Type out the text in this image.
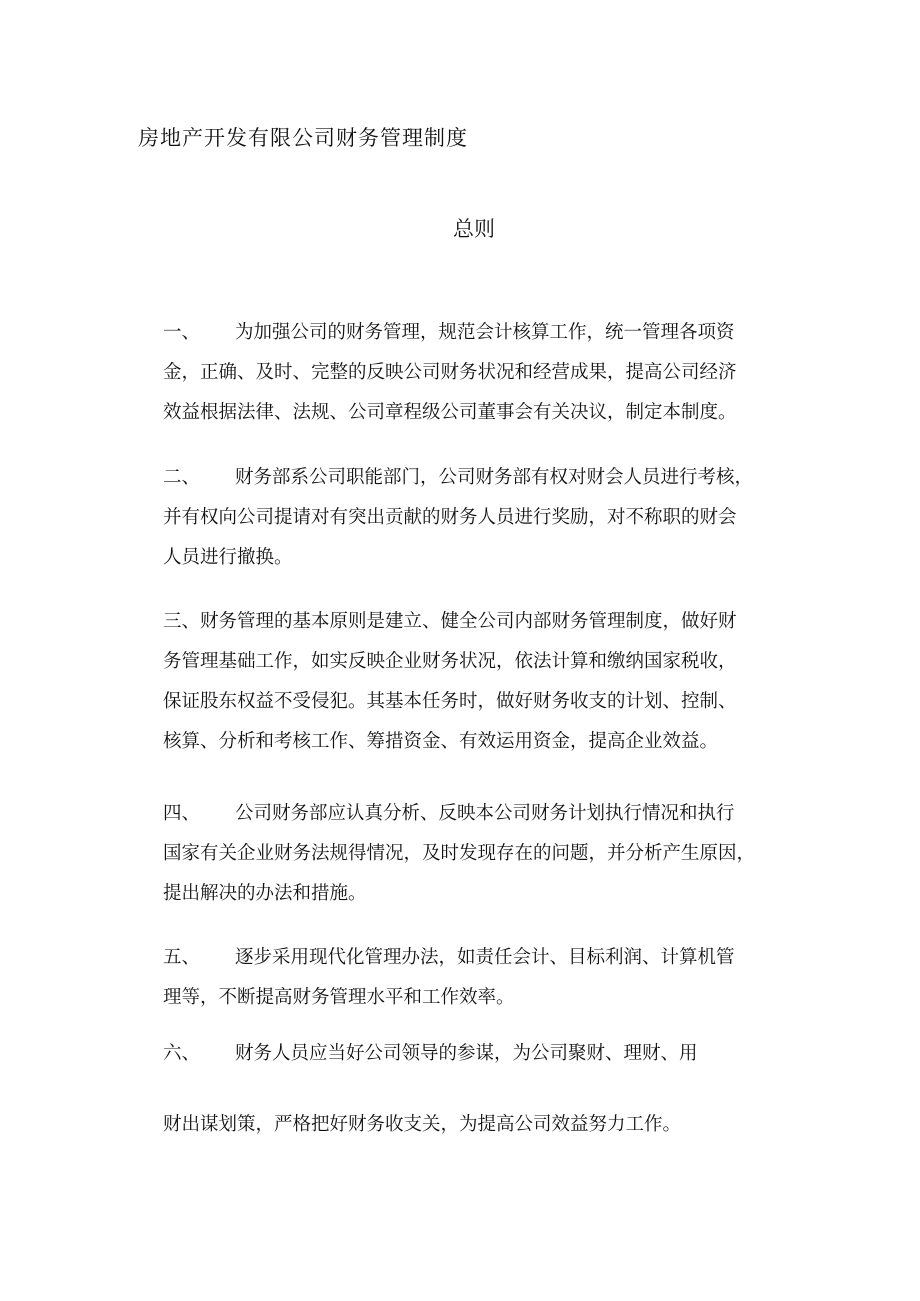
房地产开发有限公司财务管理制度
总则
一、 为加强公司的财务管理，规范会计核算工作，统一管理各项资
金，正确、及时、完整的反映公司财务状况和经营成果，提高公司经济
效益根据法律、法规、公司章程级公司董事会有关决议，制定本制度。
二、 财务部系公司职能部门，公司财务部有权对财会人员进行考核，
并有权向公司提请对有突出贡献的财务人员进行奖励，对不称职的财会
人员进行撤换。
三、财务管理的基本原则是建立、健全公司内部财务管理制度，做好财
务管理基础工作，如实反映企业财务状况，依法计算和缴纳国家税收，
保证股东权益不受侵犯。其基本任务时，做好财务收支的计划、控制、
核算、分析和考核工作、筹措资金、有效运用资金，提高企业效益。
四、 公司财务部应认真分析、反映本公司财务计划执行情况和执行
国家有关企业财务法规得情况，及时发现存在的问题，并分析产生原因，
提出解决的办法和措施。
五、 逐步采用现代化管理办法，如责任会计、目标利润、计算机管
理等，不断提高财务管理水平和工作效率。
六、 财务人员应当好公司领导的参谋，为公司聚财、理财、用
财出谋划策，严格把好财务收支关，为提高公司效益努力工作。
